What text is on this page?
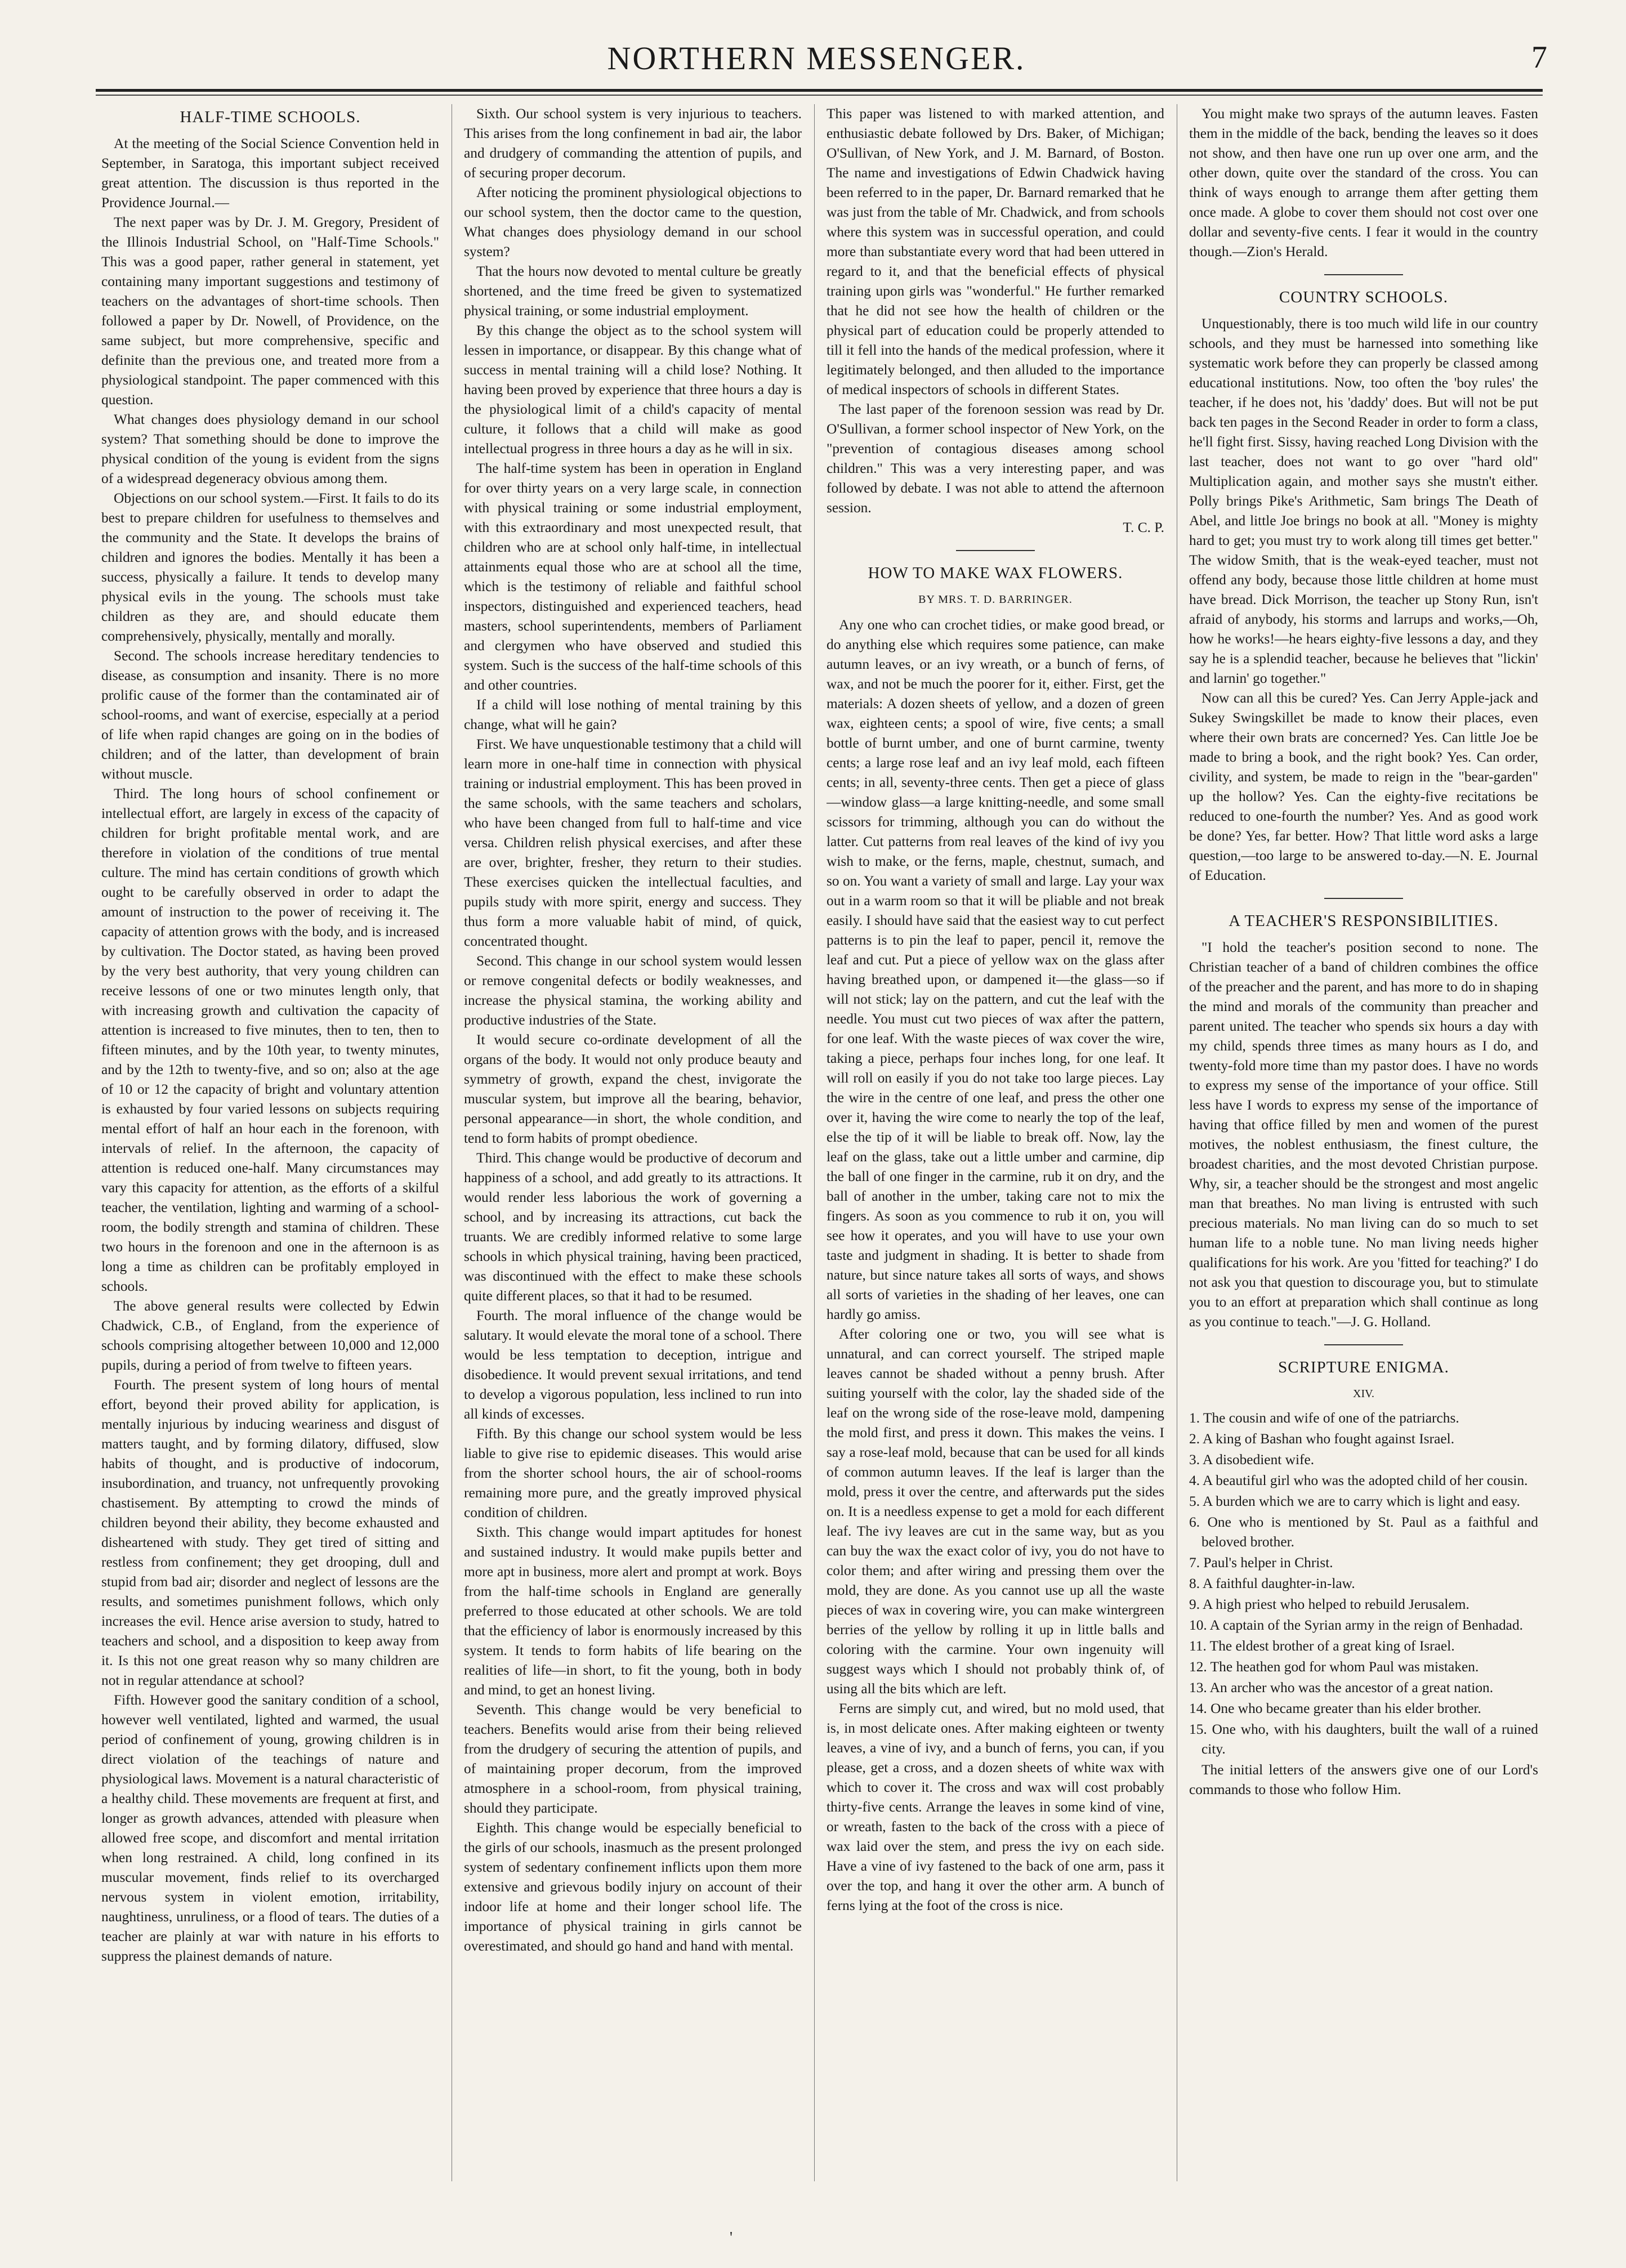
NORTHERN MESSENGER.	7
HALF-TIME SCHOOLS.

At the meeting of the Social Science Convention held in September, in Saratoga, this important subject received great attention. The discussion is thus reported in the Providence Journal.—

The next paper was by Dr. J. M. Gregory, President of the Illinois Industrial School, on "Half-Time Schools." This was a good paper, rather general in statement, yet containing many important suggestions and testimony of teachers on the advantages of short-time schools. Then followed a paper by Dr. Nowell, of Providence, on the same subject, but more comprehensive, specific and definite than the previous one, and treated more from a physiological standpoint. The paper commenced with this question.

What changes does physiology demand in our school system? That something should be done to improve the physical condition of the young is evident from the signs of a widespread degeneracy obvious among them.

Objections on our school system.—First. It fails to do its best to prepare children for usefulness to themselves and the community and the State. It develops the brains of children and ignores the bodies. Mentally it has been a success, physically a failure. It tends to develop many physical evils in the young. The schools must take children as they are, and should educate them comprehensively, physically, mentally and morally.

Second. The schools increase hereditary tendencies to disease, as consumption and insanity. There is no more prolific cause of the former than the contaminated air of school-rooms, and want of exercise, especially at a period of life when rapid changes are going on in the bodies of children; and of the latter, than development of brain without muscle.

Third. The long hours of school confinement or intellectual effort, are largely in excess of the capacity of children for bright profitable mental work, and are therefore in violation of the conditions of true mental culture. The mind has certain conditions of growth which ought to be carefully observed in order to adapt the amount of instruction to the power of receiving it. The capacity of attention grows with the body, and is increased by cultivation. The Doctor stated, as having been proved by the very best authority, that very young children can receive lessons of one or two minutes length only, that with increasing growth and cultivation the capacity of attention is increased to five minutes, then to ten, then to fifteen minutes, and by the 10th year, to twenty minutes, and by the 12th to twenty-five, and so on; also at the age of 10 or 12 the capacity of bright and voluntary attention is exhausted by four varied lessons on subjects requiring mental effort of half an hour each in the forenoon, with intervals of relief. In the afternoon, the capacity of attention is reduced one-half. Many circumstances may vary this capacity for attention, as the efforts of a skilful teacher, the ventilation, lighting and warming of a school-room, the bodily strength and stamina of children. These two hours in the forenoon and one in the afternoon is as long a time as children can be profitably employed in schools.

The above general results were collected by Edwin Chadwick, C.B., of England, from the experience of schools comprising altogether between 10,000 and 12,000 pupils, during a period of from twelve to fifteen years.

Fourth. The present system of long hours of mental effort, beyond their proved ability for application, is mentally injurious by inducing weariness and disgust of matters taught, and by forming dilatory, diffused, slow habits of thought, and is productive of indocorum, insubordination, and truancy, not unfrequently provoking chastisement. By attempting to crowd the minds of children beyond their ability, they become exhausted and disheartened with study. They get tired of sitting and restless from confinement; they get drooping, dull and stupid from bad air; disorder and neglect of lessons are the results, and sometimes punishment follows, which only increases the evil. Hence arise aversion to study, hatred to teachers and school, and a disposition to keep away from it. Is this not one great reason why so many children are not in regular attendance at school?

Fifth. However good the sanitary condition of a school, however well ventilated, lighted and warmed, the usual period of confinement of young, growing children is in direct violation of the teachings of nature and physiological laws. Movement is a natural characteristic of a healthy child. These movements are frequent at first, and longer as growth advances, attended with pleasure when allowed free scope, and discomfort and mental irritation when long restrained. A child, long confined in its muscular movement, finds relief to its overcharged nervous system in violent emotion, irritability, naughtiness, unruliness, or a flood of tears. The duties of a teacher are plainly at war with nature in his efforts to suppress the plainest demands of nature.

Sixth. Our school system is very injurious to teachers. This arises from the long confinement in bad air, the labor and drudgery of commanding the attention of pupils, and of securing proper decorum.

After noticing the prominent physiological objections to our school system, then the doctor came to the question, What changes does physiology demand in our school system?

That the hours now devoted to mental culture be greatly shortened, and the time freed be given to systematized physical training, or some industrial employment.

By this change the object as to the school system will lessen in importance, or disappear. By this change what of success in mental training will a child lose? Nothing. It having been proved by experience that three hours a day is the physiological limit of a child's capacity of mental culture, it follows that a child will make as good intellectual progress in three hours a day as he will in six.

The half-time system has been in operation in England for over thirty years on a very large scale, in connection with physical training or some industrial employment, with this extraordinary and most unexpected result, that children who are at school only half-time, in intellectual attainments equal those who are at school all the time, which is the testimony of reliable and faithful school inspectors, distinguished and experienced teachers, head masters, school superintendents, members of Parliament and clergymen who have observed and studied this system. Such is the success of the half-time schools of this and other countries.

If a child will lose nothing of mental training by this change, what will he gain?

First. We have unquestionable testimony that a child will learn more in one-half time in connection with physical training or industrial employment. This has been proved in the same schools, with the same teachers and scholars, who have been changed from full to half-time and vice versa. Children relish physical exercises, and after these are over, brighter, fresher, they return to their studies. These exercises quicken the intellectual faculties, and pupils study with more spirit, energy and success. They thus form a more valuable habit of mind, of quick, concentrated thought.

Second. This change in our school system would lessen or remove congenital defects or bodily weaknesses, and increase the physical stamina, the working ability and productive industries of the State.

It would secure co-ordinate development of all the organs of the body. It would not only produce beauty and symmetry of growth, expand the chest, invigorate the muscular system, but improve all the bearing, behavior, personal appearance—in short, the whole condition, and tend to form habits of prompt obedience.

Third. This change would be productive of decorum and happiness of a school, and add greatly to its attractions. It would render less laborious the work of governing a school, and by increasing its attractions, cut back the truants. We are credibly informed relative to some large schools in which physical training, having been practiced, was discontinued with the effect to make these schools quite different places, so that it had to be resumed.

Fourth. The moral influence of the change would be salutary. It would elevate the moral tone of a school. There would be less temptation to deception, intrigue and disobedience. It would prevent sexual irritations, and tend to develop a vigorous population, less inclined to run into all kinds of excesses.

Fifth. By this change our school system would be less liable to give rise to epidemic diseases. This would arise from the shorter school hours, the air of school-rooms remaining more pure, and the greatly improved physical condition of children.

Sixth. This change would impart aptitudes for honest and sustained industry. It would make pupils better and more apt in business, more alert and prompt at work. Boys from the half-time schools in England are generally preferred to those educated at other schools. We are told that the efficiency of labor is enormously increased by this system. It tends to form habits of life bearing on the realities of life—in short, to fit the young, both in body and mind, to get an honest living.

Seventh. This change would be very beneficial to teachers. Benefits would arise from their being relieved from the drudgery of securing the attention of pupils, and of maintaining proper decorum, from the improved atmosphere in a school-room, from physical training, should they participate.

Eighth. This change would be especially beneficial to the girls of our schools, inasmuch as the present prolonged system of sedentary confinement inflicts upon them more extensive and grievous bodily injury on account of their indoor life at home and their longer school life. The importance of physical training in girls cannot be overestimated, and should go hand and hand with mental.

This paper was listened to with marked attention, and enthusiastic debate followed by Drs. Baker, of Michigan; O'Sullivan, of New York, and J. M. Barnard, of Boston. The name and investigations of Edwin Chadwick having been referred to in the paper, Dr. Barnard remarked that he was just from the table of Mr. Chadwick, and from schools where this system was in successful operation, and could more than substantiate every word that had been uttered in regard to it, and that the beneficial effects of physical training upon girls was "wonderful." He further remarked that he did not see how the health of children or the physical part of education could be properly attended to till it fell into the hands of the medical profession, where it legitimately belonged, and then alluded to the importance of medical inspectors of schools in different States.

The last paper of the forenoon session was read by Dr. O'Sullivan, a former school inspector of New York, on the "prevention of contagious diseases among school children." This was a very interesting paper, and was followed by debate. I was not able to attend the afternoon session.

T. C. P.

HOW TO MAKE WAX FLOWERS.
BY MRS. T. D. BARRINGER.

Any one who can crochet tidies, or make good bread, or do anything else which requires some patience, can make autumn leaves, or an ivy wreath, or a bunch of ferns, of wax, and not be much the poorer for it, either. First, get the materials: A dozen sheets of yellow, and a dozen of green wax, eighteen cents; a spool of wire, five cents; a small bottle of burnt umber, and one of burnt carmine, twenty cents; a large rose leaf and an ivy leaf mold, each fifteen cents; in all, seventy-three cents. Then get a piece of glass—window glass—a large knitting-needle, and some small scissors for trimming, although you can do without the latter. Cut patterns from real leaves of the kind of ivy you wish to make, or the ferns, maple, chestnut, sumach, and so on. You want a variety of small and large. Lay your wax out in a warm room so that it will be pliable and not break easily. I should have said that the easiest way to cut perfect patterns is to pin the leaf to paper, pencil it, remove the leaf and cut. Put a piece of yellow wax on the glass after having breathed upon, or dampened it—the glass—so if will not stick; lay on the pattern, and cut the leaf with the needle. You must cut two pieces of wax after the pattern, for one leaf. With the waste pieces of wax cover the wire, taking a piece, perhaps four inches long, for one leaf. It will roll on easily if you do not take too large pieces. Lay the wire in the centre of one leaf, and press the other one over it, having the wire come to nearly the top of the leaf, else the tip of it will be liable to break off. Now, lay the leaf on the glass, take out a little umber and carmine, dip the ball of one finger in the carmine, rub it on dry, and the ball of another in the umber, taking care not to mix the fingers. As soon as you commence to rub it on, you will see how it operates, and you will have to use your own taste and judgment in shading. It is better to shade from nature, but since nature takes all sorts of ways, and shows all sorts of varieties in the shading of her leaves, one can hardly go amiss.

After coloring one or two, you will see what is unnatural, and can correct yourself. The striped maple leaves cannot be shaded without a penny brush. After suiting yourself with the color, lay the shaded side of the leaf on the wrong side of the rose-leave mold, dampening the mold first, and press it down. This makes the veins. I say a rose-leaf mold, because that can be used for all kinds of common autumn leaves. If the leaf is larger than the mold, press it over the centre, and afterwards put the sides on. It is a needless expense to get a mold for each different leaf. The ivy leaves are cut in the same way, but as you can buy the wax the exact color of ivy, you do not have to color them; and after wiring and pressing them over the mold, they are done. As you cannot use up all the waste pieces of wax in covering wire, you can make wintergreen berries of the yellow by rolling it up in little balls and coloring with the carmine. Your own ingenuity will suggest ways which I should not probably think of, of using all the bits which are left.

Ferns are simply cut, and wired, but no mold used, that is, in most delicate ones. After making eighteen or twenty leaves, a vine of ivy, and a bunch of ferns, you can, if you please, get a cross, and a dozen sheets of white wax with which to cover it. The cross and wax will cost probably thirty-five cents. Arrange the leaves in some kind of vine, or wreath, fasten to the back of the cross with a piece of wax laid over the stem, and press the ivy on each side. Have a vine of ivy fastened to the back of one arm, pass it over the top, and hang it over the other arm. A bunch of ferns lying at the foot of the cross is nice.

You might make two sprays of the autumn leaves. Fasten them in the middle of the back, bending the leaves so it does not show, and then have one run up over one arm, and the other down, quite over the standard of the cross. You can think of ways enough to arrange them after getting them once made. A globe to cover them should not cost over one dollar and seventy-five cents. I fear it would in the country though.—Zion's Herald.

COUNTRY SCHOOLS.

Unquestionably, there is too much wild life in our country schools, and they must be harnessed into something like systematic work before they can properly be classed among educational institutions. Now, too often the 'boy rules' the teacher, if he does not, his 'daddy' does. But will not be put back ten pages in the Second Reader in order to form a class, he'll fight first. Sissy, having reached Long Division with the last teacher, does not want to go over "hard old" Multiplication again, and mother says she mustn't either. Polly brings Pike's Arithmetic, Sam brings The Death of Abel, and little Joe brings no book at all. "Money is mighty hard to get; you must try to work along till times get better." The widow Smith, that is the weak-eyed teacher, must not offend any body, because those little children at home must have bread. Dick Morrison, the teacher up Stony Run, isn't afraid of anybody, his storms and larrups and works,—Oh, how he works!—he hears eighty-five lessons a day, and they say he is a splendid teacher, because he believes that "lickin' and larnin' go together."

Now can all this be cured? Yes. Can Jerry Apple-jack and Sukey Swingskillet be made to know their places, even where their own brats are concerned? Yes. Can little Joe be made to bring a book, and the right book? Yes. Can order, civility, and system, be made to reign in the "bear-garden" up the hollow? Yes. Can the eighty-five recitations be reduced to one-fourth the number? Yes. And as good work be done? Yes, far better. How? That little word asks a large question,—too large to be answered to-day.—N. E. Journal of Education.

A TEACHER'S RESPONSIBILITIES.

"I hold the teacher's position second to none. The Christian teacher of a band of children combines the office of the preacher and the parent, and has more to do in shaping the mind and morals of the community than preacher and parent united. The teacher who spends six hours a day with my child, spends three times as many hours as I do, and twenty-fold more time than my pastor does. I have no words to express my sense of the importance of your office. Still less have I words to express my sense of the importance of having that office filled by men and women of the purest motives, the noblest enthusiasm, the finest culture, the broadest charities, and the most devoted Christian purpose. Why, sir, a teacher should be the strongest and most angelic man that breathes. No man living is entrusted with such precious materials. No man living can do so much to set human life to a noble tune. No man living needs higher qualifications for his work. Are you 'fitted for teaching?' I do not ask you that question to discourage you, but to stimulate you to an effort at preparation which shall continue as long as you continue to teach."—J. G. Holland.

SCRIPTURE ENIGMA.
XIV.
1. The cousin and wife of one of the patriarchs.
2. A king of Bashan who fought against Israel.
3. A disobedient wife.
4. A beautiful girl who was the adopted child of her cousin.
5. A burden which we are to carry which is light and easy.
6. One who is mentioned by St. Paul as a faithful and beloved brother.
7. Paul's helper in Christ.
8. A faithful daughter-in-law.
9. A high priest who helped to rebuild Jerusalem.
10. A captain of the Syrian army in the reign of Benhadad.
11. The eldest brother of a great king of Israel.
12. The heathen god for whom Paul was mistaken.
13. An archer who was the ancestor of a great nation.
14. One who became greater than his elder brother.
15. One who, with his daughters, built the wall of a ruined city.

The initial letters of the answers give one of our Lord's commands to those who follow Him.

'
